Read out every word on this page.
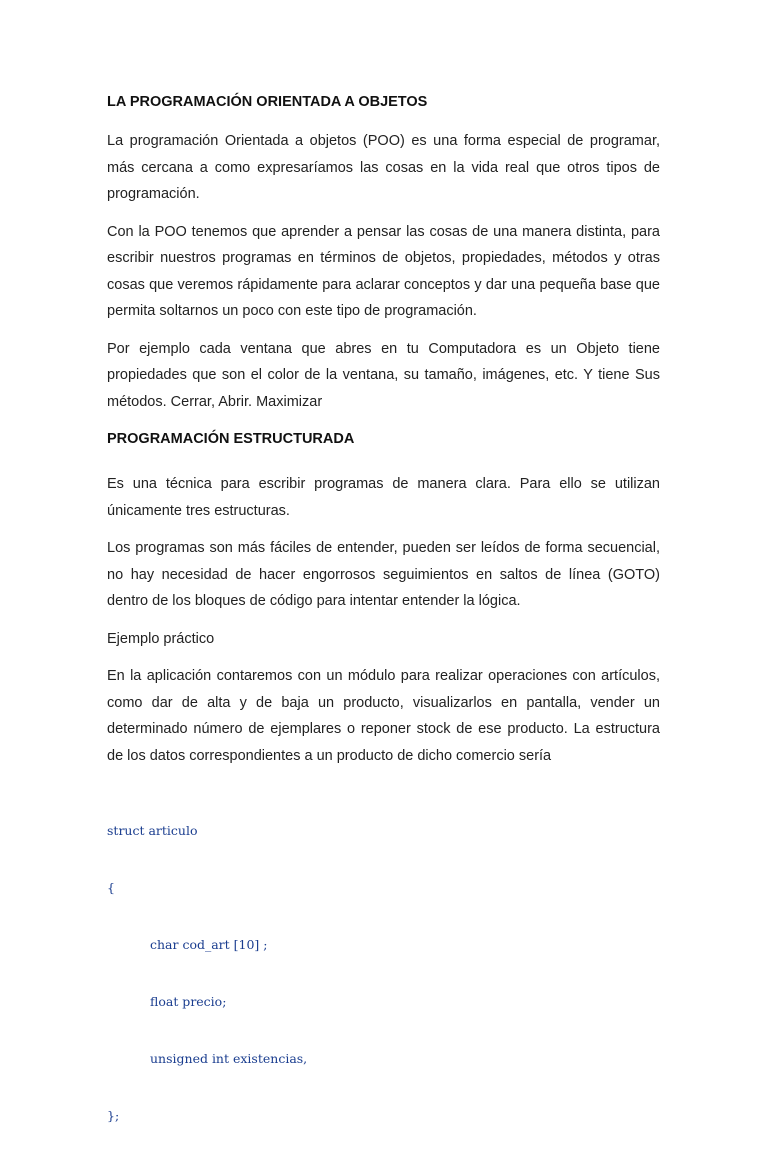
LA PROGRAMACIÓN ORIENTADA A OBJETOS

La programación Orientada a objetos (POO) es una forma especial de programar, más cercana a como expresaríamos las cosas en la vida real que otros tipos de programación.

Con la POO tenemos que aprender a pensar las cosas de una manera distinta, para escribir nuestros programas en términos de objetos, propiedades, métodos y otras cosas que veremos rápidamente para aclarar conceptos y dar una pequeña base que permita soltarnos un poco con este tipo de programación.

Por ejemplo cada ventana que abres en tu Computadora es un Objeto tiene propiedades que son el color de la ventana, su tamaño, imágenes, etc. Y tiene Sus métodos. Cerrar, Abrir. Maximizar

PROGRAMACIÓN ESTRUCTURADA

Es una técnica para escribir programas de manera clara. Para ello se utilizan únicamente tres estructuras.

Los programas son más fáciles de entender, pueden ser leídos de forma secuencial, no hay necesidad de hacer engorrosos seguimientos en saltos de línea (GOTO) dentro de los bloques de código para intentar entender la lógica.

Ejemplo práctico

En la aplicación contaremos con un módulo para realizar operaciones con artículos, como dar de alta y de baja un producto, visualizarlos en pantalla, vender un determinado número de ejemplares o reponer stock de ese producto. La estructura de los datos correspondientes a un producto de dicho comercio sería

struct articulo

{

char cod_art [10] ;

float precio;

unsigned int existencias,

};
